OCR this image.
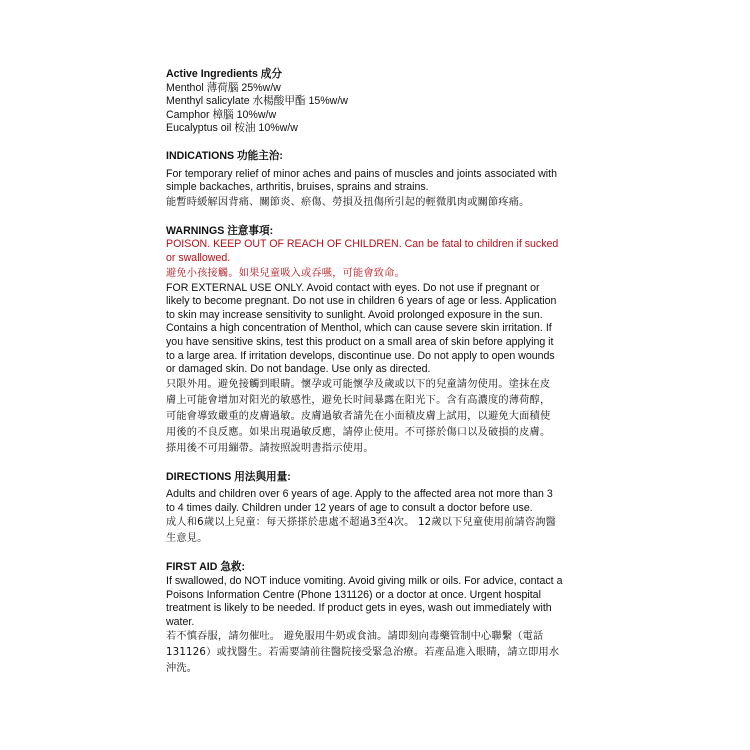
Active Ingredients 成分
Menthol 薄荷腦 25%w/w
Menthyl salicylate 水楊酸甲酯 15%w/w
Camphor 樟腦 10%w/w
Eucalyptus oil 桉油 10%w/w
INDICATIONS 功能主治:
For temporary relief of minor aches and pains of muscles and joints associated with
simple backaches, arthritis, bruises, sprains and strains.
能暫時緩解因背痛、關節炎、瘀傷、勞損及扭傷所引起的輕微肌肉或關節疼痛。
WARNINGS 注意事項:
POISON. KEEP OUT OF REACH OF CHILDREN. Can be fatal to children if sucked
or swallowed.
避免小孩接觸。如果兒童吸入或吞嚥，可能會致命。
FOR EXTERNAL USE ONLY. Avoid contact with eyes. Do not use if pregnant or
likely to become pregnant. Do not use in children 6 years of age or less. Application
to skin may increase sensitivity to sunlight. Avoid prolonged exposure in the sun.
Contains a high concentration of Menthol, which can cause severe skin irritation. If
you have sensitive skins, test this product on a small area of skin before applying it
to a large area. If irritation develops, discontinue use. Do not apply to open wounds
or damaged skin. Do not bandage. Use only as directed.
只限外用。避免接觸到眼睛。懷孕或可能懷孕及歲或以下的兒童請勿使用。塗抹在皮
膚上可能會增加对阳光的敏感性，避免长时间暴露在阳光下。含有高濃度的薄荷醇，
可能會導致嚴重的皮膚過敏。皮膚過敏者請先在小面積皮膚上試用，以避免大面積使
用後的不良反應。如果出現過敏反應，請停止使用。不可搽於傷口以及破損的皮膚。
搽用後不可用繃帶。請按照說明書指示使用。
DIRECTIONS 用法與用量:
Adults and children over 6 years of age. Apply to the affected area not more than 3
to 4 times daily. Children under 12 years of age to consult a doctor before use.
成人和6歲以上兒童：每天搽搽於患處不超過3至4次。 12歲以下兒童使用前請咨詢醫
生意見。
FIRST AID 急救:
If swallowed, do NOT induce vomiting. Avoid giving milk or oils. For advice, contact a
Poisons Information Centre (Phone 131126) or a doctor at once. Urgent hospital
treatment is likely to be needed. If product gets in eyes, wash out immediately with
water.
若不慎吞服，請勿催吐。 避免服用牛奶或食油。請即刻向毒藥管制中心聯繫（電話
131126）或找醫生。若需要請前往醫院接受緊急治療。若產品進入眼睛，請立即用水
沖洗。
